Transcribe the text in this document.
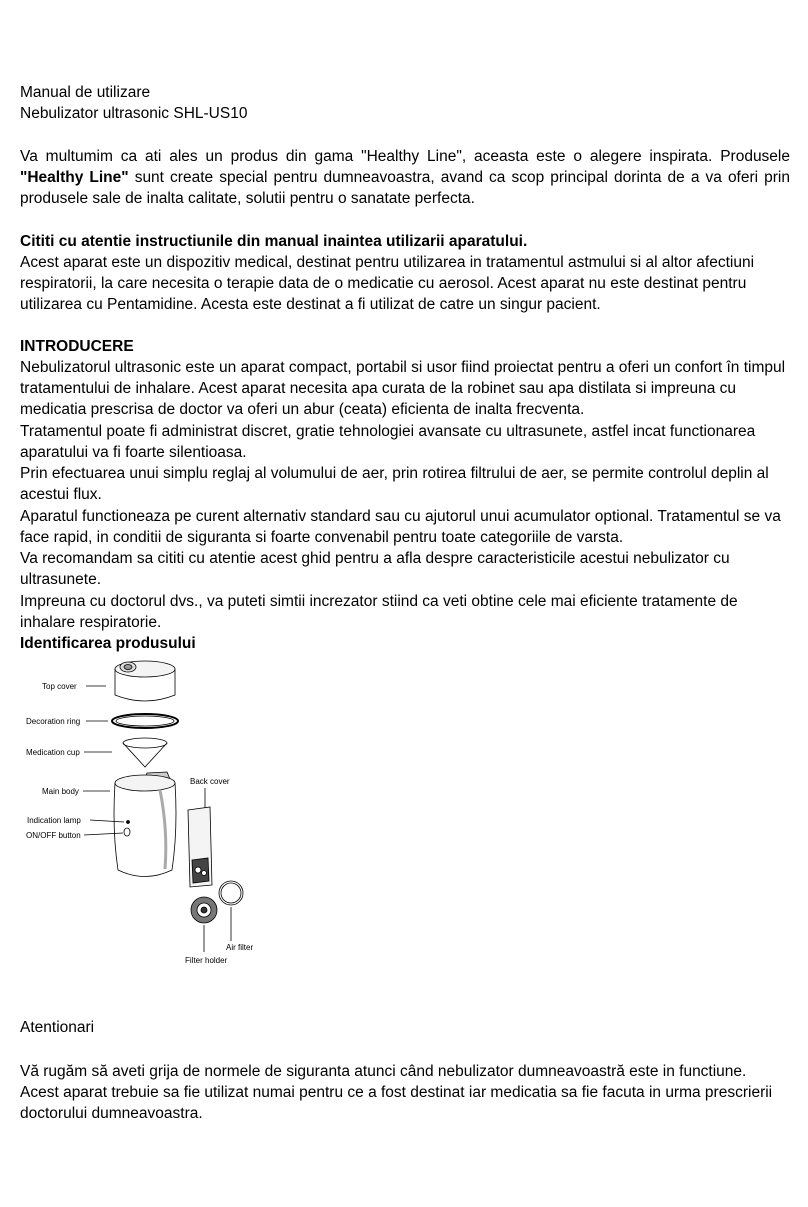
Manual de utilizare

Nebulizator ultrasonic SHL-US10

Va multumim ca ati ales un produs din gama "Healthy Line", aceasta este o alegere inspirata. Produsele "Healthy Line" sunt create special pentru dumneavoastra, avand ca scop principal dorinta de a va oferi prin produsele sale de inalta calitate, solutii pentru o sanatate perfecta.

Cititi cu atentie instructiunile din manual inaintea utilizarii aparatului.

Acest aparat este un dispozitiv medical, destinat pentru utilizarea in tratamentul astmului si al altor afectiuni respiratorii, la care necesita o terapie data de o medicatie cu aerosol. Acest aparat nu este destinat pentru utilizarea cu Pentamidine. Acesta este destinat a fi utilizat de catre un singur pacient.

INTRODUCERE

Nebulizatorul ultrasonic este un aparat compact, portabil si usor fiind proiectat pentru a oferi un confort în timpul tratamentului de inhalare. Acest aparat necesita apa curata de la robinet sau apa distilata si impreuna cu medicatia prescrisa de doctor va oferi un abur (ceata) eficienta de inalta frecventa.

Tratamentul poate fi administrat discret, gratie tehnologiei avansate cu ultrasunete, astfel incat functionarea aparatului va fi foarte silentioasa.

Prin efectuarea unui simplu reglaj al volumului de aer, prin rotirea filtrului de aer, se permite controlul deplin al acestui flux.

Aparatul functioneaza pe curent alternativ standard sau cu ajutorul unui acumulator optional. Tratamentul se va face rapid, in conditii de siguranta si foarte convenabil pentru toate categoriile de varsta.

Va recomandam sa cititi cu atentie acest ghid pentru a afla despre caracteristicile acestui nebulizator cu ultrasunete.

Impreuna cu doctorul dvs., va puteti simtii increzator stiind ca veti obtine cele mai eficiente tratamente de inhalare respiratorie.

Identificarea produsului

Top cover
Decoration ring
Medication cup
Main body
Indication lamp
ON/OFF button
Back cover
Air filter
Filter holder

Atentionari

Vă rugăm să aveti grija de normele de siguranta atunci când nebulizator dumneavoastră este in functiune.

Acest aparat trebuie sa fie utilizat numai pentru ce a fost destinat iar medicatia sa fie facuta in urma prescrierii doctorului dumneavoastra.
